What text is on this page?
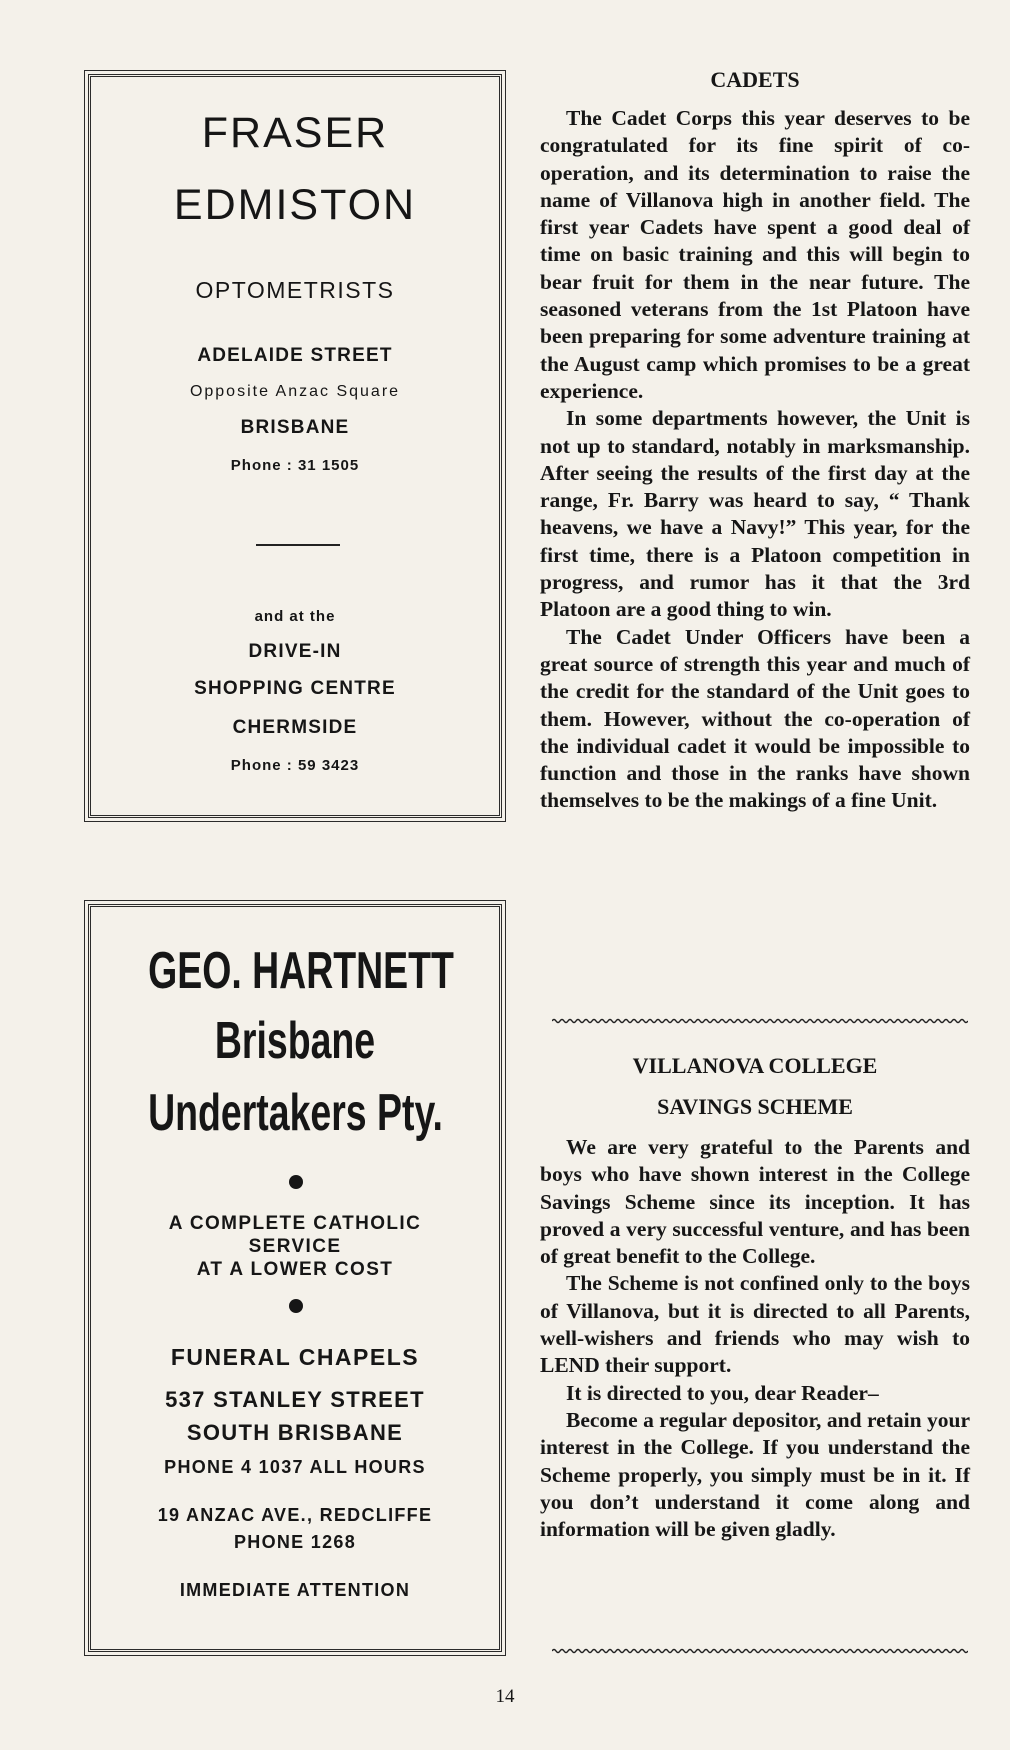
FRASER
EDMISTON
OPTOMETRISTS
ADELAIDE STREET
Opposite Anzac Square
BRISBANE
Phone : 31 1505
and at the
DRIVE-IN
SHOPPING CENTRE
CHERMSIDE
Phone : 59 3423
GEO. HARTNETT
Brisbane
Undertakers Pty.
A COMPLETE CATHOLIC
SERVICE
AT A LOWER COST
FUNERAL CHAPELS
537 STANLEY STREET
SOUTH BRISBANE
PHONE 4 1037 ALL HOURS
19 ANZAC AVE., REDCLIFFE
PHONE 1268
IMMEDIATE ATTENTION
CADETS

The Cadet Corps this year deserves to be congratulated for its fine spirit of co-operation, and its determination to raise the name of Villanova high in another field. The first year Cadets have spent a good deal of time on basic training and this will begin to bear fruit for them in the near future. The seasoned veterans from the 1st Platoon have been preparing for some adventure training at the August camp which promises to be a great experience.

In some departments however, the Unit is not up to standard, notably in marksmanship. After seeing the results of the first day at the range, Fr. Barry was heard to say, “ Thank heavens, we have a Navy!” This year, for the first time, there is a Platoon competition in progress, and rumor has it that the 3rd Platoon are a good thing to win.

The Cadet Under Officers have been a great source of strength this year and much of the credit for the standard of the Unit goes to them. However, without the co-operation of the individual cadet it would be impossible to function and those in the ranks have shown themselves to be the makings of a fine Unit.

VILLANOVA COLLEGE
SAVINGS SCHEME

We are very grateful to the Parents and boys who have shown interest in the College Savings Scheme since its inception. It has proved a very successful venture, and has been of great benefit to the College.

The Scheme is not confined only to the boys of Villanova, but it is directed to all Parents, well-wishers and friends who may wish to LEND their support.

It is directed to you, dear Reader–

Become a regular depositor, and retain your interest in the College. If you understand the Scheme properly, you simply must be in it. If you don’t understand it come along and information will be given gladly.

14
